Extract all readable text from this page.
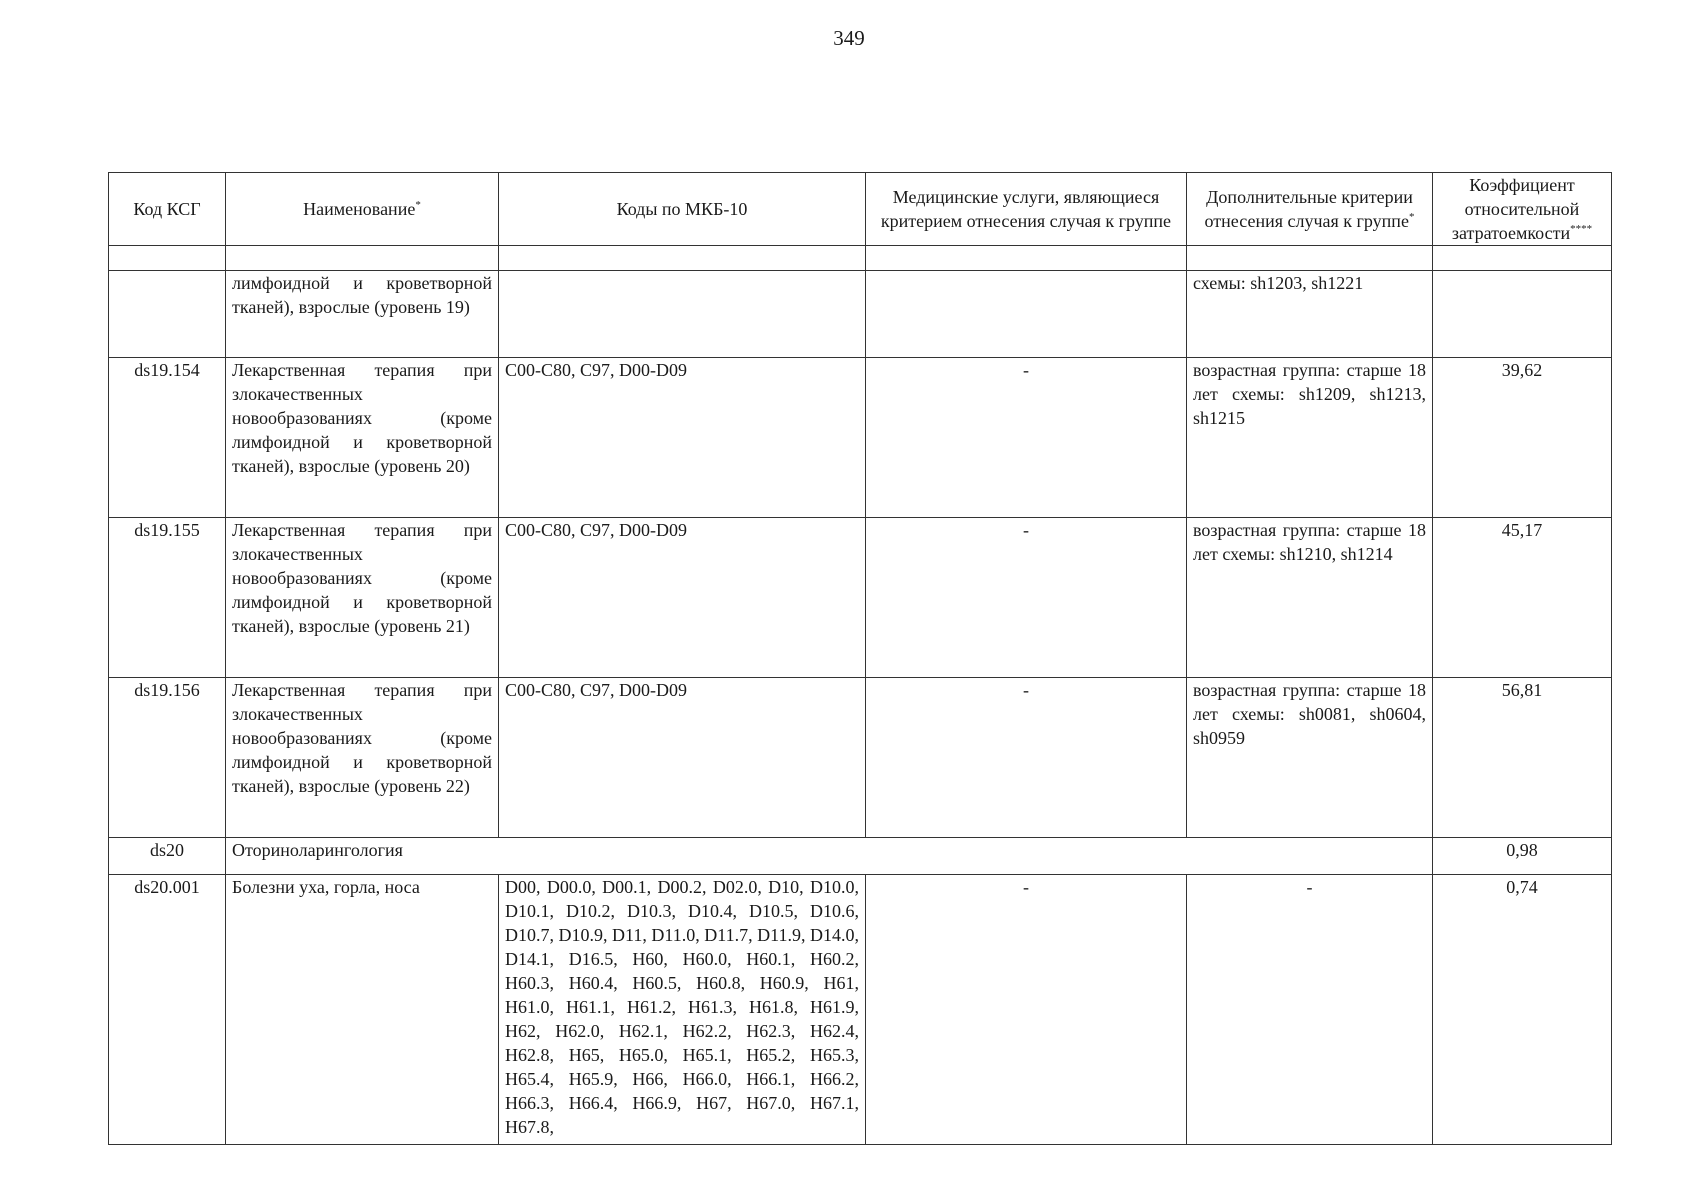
349
Код КСГ	Наименование*	Коды по МКБ-10	Медицинские услуги, являющиеся критерием отнесения случая к группе	Дополнительные критерии отнесения случая к группе*	Коэффициент относительной затратоемкости****

	лимфоидной и кроветворной тканей), взрослые (уровень 19)			схемы: sh1203, sh1221	
ds19.154	Лекарственная терапия при злокачественных новообразованиях (кроме лимфоидной и кроветворной тканей), взрослые (уровень 20)	C00-C80, C97, D00-D09	-	возрастная группа: старше 18 лет схемы: sh1209, sh1213, sh1215	39,62
ds19.155	Лекарственная терапия при злокачественных новообразованиях (кроме лимфоидной и кроветворной тканей), взрослые (уровень 21)	C00-C80, C97, D00-D09	-	возрастная группа: старше 18 лет схемы: sh1210, sh1214	45,17
ds19.156	Лекарственная терапия при злокачественных новообразованиях (кроме лимфоидной и кроветворной тканей), взрослые (уровень 22)	C00-C80, C97, D00-D09	-	возрастная группа: старше 18 лет схемы: sh0081, sh0604, sh0959	56,81
ds20	Оториноларингология				0,98
ds20.001	Болезни уха, горла, носа	D00, D00.0, D00.1, D00.2, D02.0, D10, D10.0, D10.1, D10.2, D10.3, D10.4, D10.5, D10.6, D10.7, D10.9, D11, D11.0, D11.7, D11.9, D14.0, D14.1, D16.5, H60, H60.0, H60.1, H60.2, H60.3, H60.4, H60.5, H60.8, H60.9, H61, H61.0, H61.1, H61.2, H61.3, H61.8, H61.9, H62, H62.0, H62.1, H62.2, H62.3, H62.4, H62.8, H65, H65.0, H65.1, H65.2, H65.3, H65.4, H65.9, H66, H66.0, H66.1, H66.2, H66.3, H66.4, H66.9, H67, H67.0, H67.1, H67.8,	-	-	0,74
